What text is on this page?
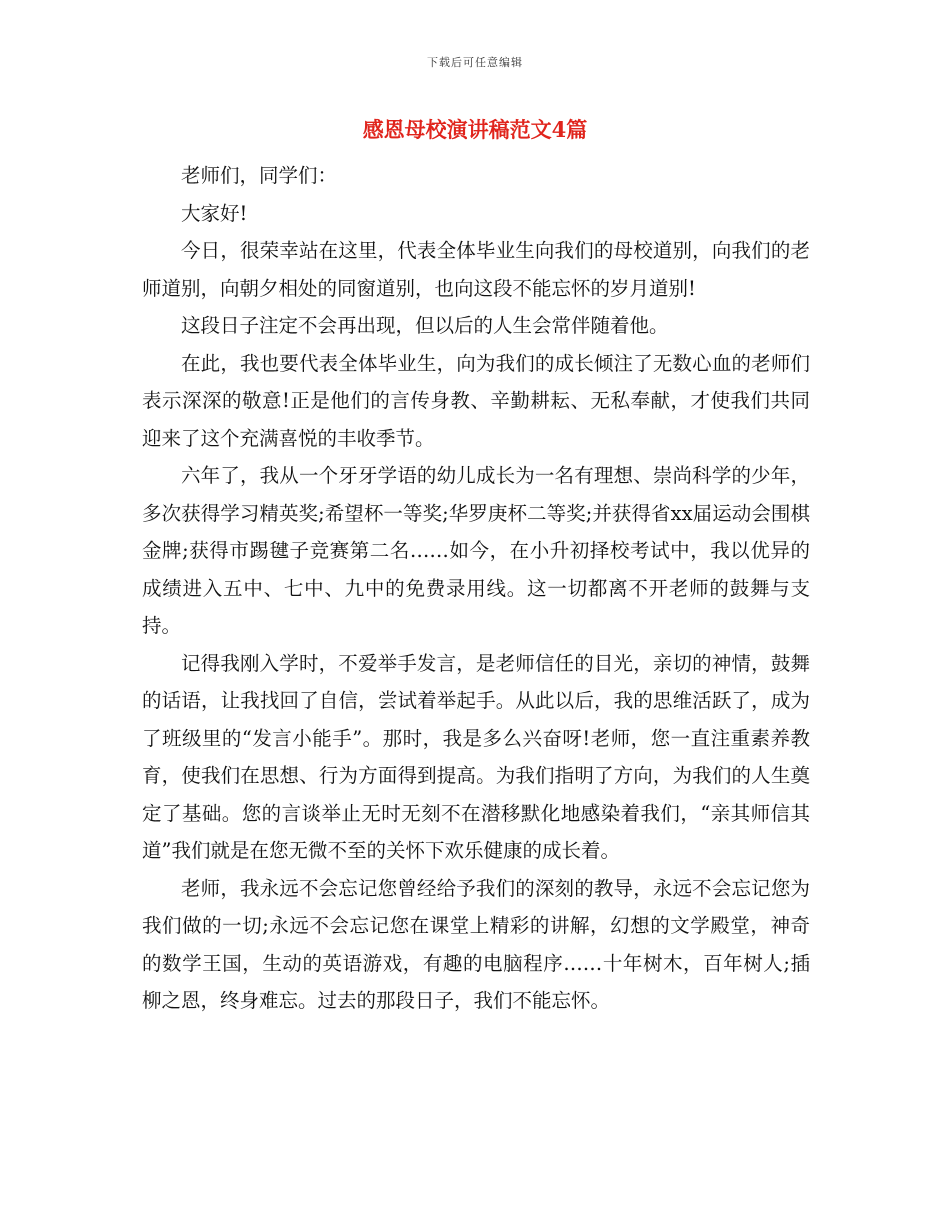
下载后可任意编辑
感恩母校演讲稿范文4篇

老师们，同学们：

大家好!

今日，很荣幸站在这里，代表全体毕业生向我们的母校道别，向我们的老师道别，向朝夕相处的同窗道别，也向这段不能忘怀的岁月道别!

这段日子注定不会再出现，但以后的人生会常伴随着他。

在此，我也要代表全体毕业生，向为我们的成长倾注了无数心血的老师们表示深深的敬意!正是他们的言传身教、辛勤耕耘、无私奉献，才使我们共同迎来了这个充满喜悦的丰收季节。

六年了，我从一个牙牙学语的幼儿成长为一名有理想、崇尚科学的少年，多次获得学习精英奖;希望杯一等奖;华罗庚杯二等奖;并获得省xx届运动会围棋金牌;获得市踢毽子竞赛第二名……如今，在小升初择校考试中，我以优异的成绩进入五中、七中、九中的免费录用线。这一切都离不开老师的鼓舞与支持。

记得我刚入学时，不爱举手发言，是老师信任的目光，亲切的神情，鼓舞的话语，让我找回了自信，尝试着举起手。从此以后，我的思维活跃了，成为了班级里的“发言小能手”。那时，我是多么兴奋呀!老师，您一直注重素养教育，使我们在思想、行为方面得到提高。为我们指明了方向，为我们的人生奠定了基础。您的言谈举止无时无刻不在潜移默化地感染着我们，“亲其师信其道”我们就是在您无微不至的关怀下欢乐健康的成长着。

老师，我永远不会忘记您曾经给予我们的深刻的教导，永远不会忘记您为我们做的一切;永远不会忘记您在课堂上精彩的讲解，幻想的文学殿堂，神奇的数学王国，生动的英语游戏，有趣的电脑程序……十年树木，百年树人;插柳之恩，终身难忘。过去的那段日子，我们不能忘怀。
